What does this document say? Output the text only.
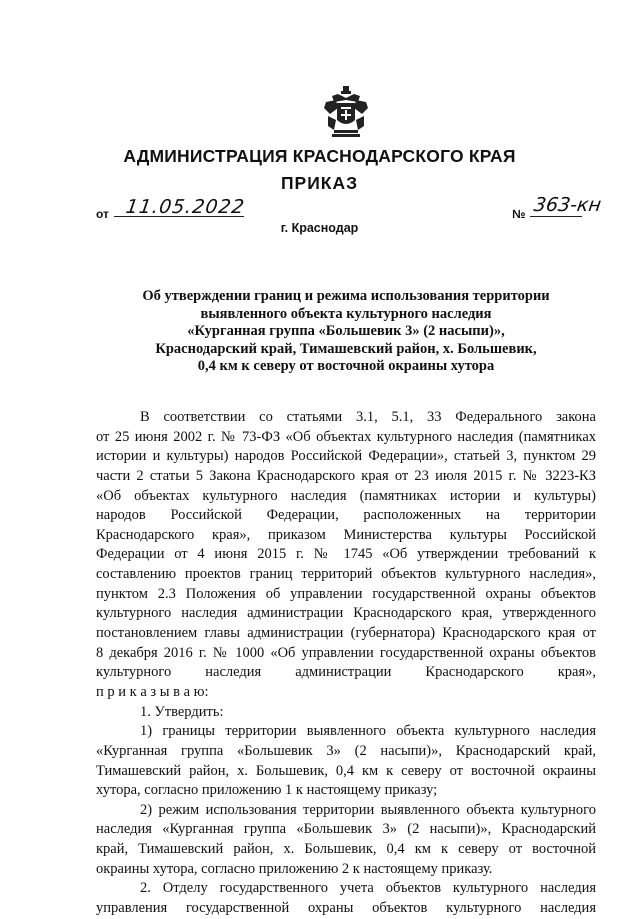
АДМИНИСТРАЦИЯ КРАСНОДАРСКОГО КРАЯ
ПРИКАЗ
от 11.05.2022	№ 363-кн
г. Краснодар
Об утверждении границ и режима использования территории
выявленного объекта культурного наследия
«Курганная группа «Большевик 3» (2 насыпи)»,
Краснодарский край, Тимашевский район, х. Большевик,
0,4 км к северу от восточной окраины хутора
В соответствии со статьями 3.1, 5.1, 33 Федерального закона
от 25 июня 2002 г. № 73-ФЗ «Об объектах культурного наследия (памятниках
истории и культуры) народов Российской Федерации», статьей 3, пунктом 29
части 2 статьи 5 Закона Краснодарского края от 23 июля 2015 г. № 3223-КЗ
«Об объектах культурного наследия (памятниках истории и культуры)
народов Российской Федерации, расположенных на территории
Краснодарского края», приказом Министерства культуры Российской
Федерации от 4 июня 2015 г. № 1745 «Об утверждении требований к
составлению проектов границ территорий объектов культурного наследия»,
пунктом 2.3 Положения об управлении государственной охраны объектов
культурного наследия администрации Краснодарского края, утвержденного
постановлением главы администрации (губернатора) Краснодарского края от
8 декабря 2016 г. № 1000 «Об управлении государственной охраны объектов
культурного наследия администрации Краснодарского края»,
п р и к а з ы в а ю:
1. Утвердить:
1) границы территории выявленного объекта культурного наследия
«Курганная группа «Большевик 3» (2 насыпи)», Краснодарский край,
Тимашевский район, х. Большевик, 0,4 км к северу от восточной окраины
хутора, согласно приложению 1 к настоящему приказу;
2) режим использования территории выявленного объекта культурного
наследия «Курганная группа «Большевик 3» (2 насыпи)», Краснодарский
край, Тимашевский район, х. Большевик, 0,4 км к северу от восточной
окраины хутора, согласно приложению 2 к настоящему приказу.
2. Отделу государственного учета объектов культурного наследия
управления государственной охраны объектов культурного наследия
